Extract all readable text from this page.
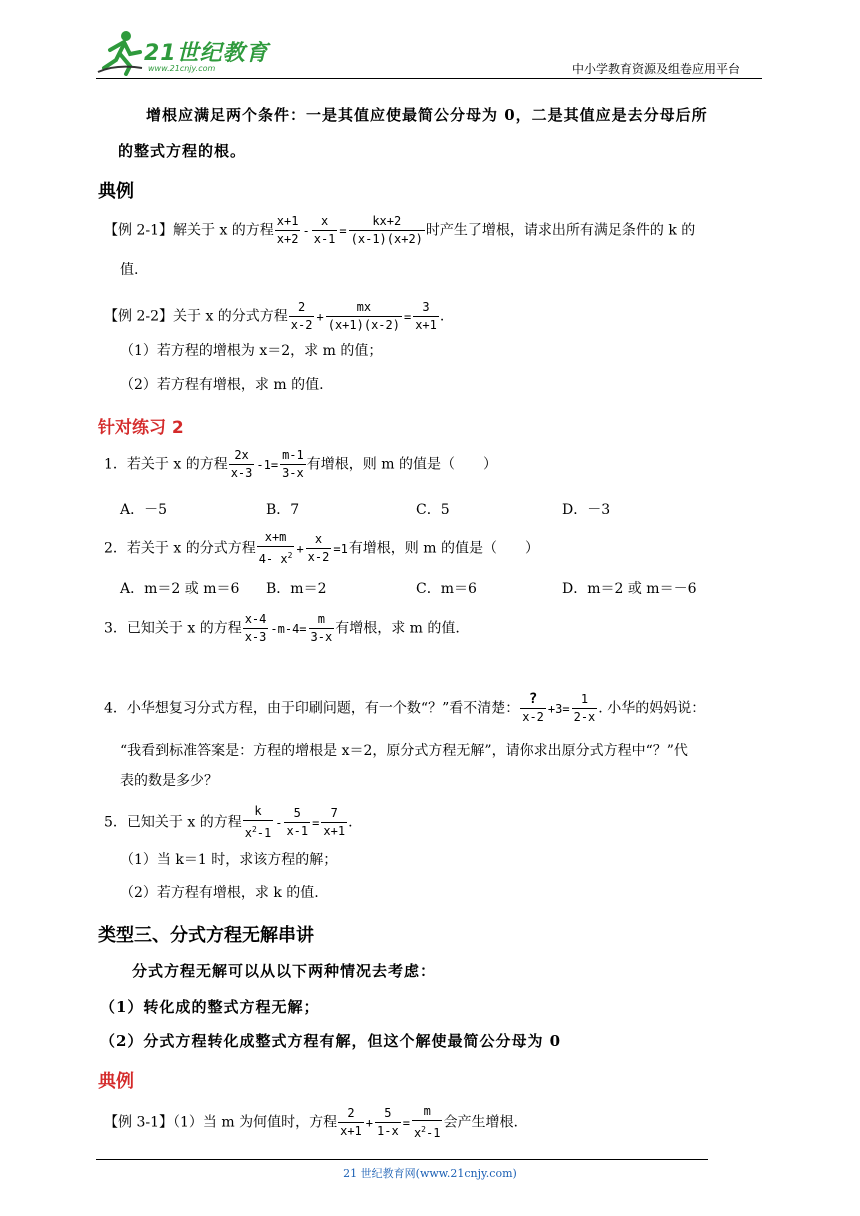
21世纪教育
www.21cnjy.com	中小学教育资源及组卷应用平台
增根应满足两个条件：一是其值应使最简公分母为 0，二是其值应是去分母后所
的整式方程的根。
典例
【例 2-1】解关于 x 的方程 $\frac{x+1}{x+2} - \frac{x}{x-1} = \frac{kx+2}{(x-1)(x+2)}$ 时产生了增根，请求出所有满足条件的 k 的
值.
【例 2-2】关于 x 的分式方程 $\frac{2}{x-2} + \frac{mx}{(x+1)(x-2)} = \frac{3}{x+1}$ .
（1）若方程的增根为 x＝2，求 m 的值；
（2）若方程有增根，求 m 的值.
针对练习 2
1．若关于 x 的方程 $\frac{2x}{x-3} -1= \frac{m-1}{3-x}$ 有增根，则 m 的值是（　　）
A．－5	B．7	C．5	D．－3
2．若关于 x 的分式方程 $\frac{x+m}{4- x^2} + \frac{x}{x-2} =1$有增根，则 m 的值是（　　）
A．m＝2 或 m＝6 B．m＝2	C．m＝6	D．m＝2 或 m＝－6
3．已知关于 x 的方程 $\frac{x-4}{x-3} -m-4= \frac{m}{3-x}$ 有增根，求 m 的值.
4．小华想复习分式方程，由于印刷问题，有一个数“？”看不清楚： $\frac{?}{x-2} +3= \frac{1}{2-x}$ . 小华的妈妈说：
“我看到标准答案是：方程的增根是 x＝2，原分式方程无解”，请你求出原分式方程中“？”代
表的数是多少？
5．已知关于 x 的方程 $\frac{k}{x^2-1} - \frac{5}{x-1} = \frac{7}{x+1}$ .
（1）当 k＝1 时，求该方程的解；
（2）若方程有增根，求 k 的值.
类型三、分式方程无解串讲
分式方程无解可以从以下两种情况去考虑：
（1）转化成的整式方程无解；
（2）分式方程转化成整式方程有解，但这个解使最简公分母为 0
典例
【例 3-1】（1）当 m 为何值时，方程 $\frac{2}{x+1} + \frac{5}{1-x} = \frac{m}{x^2-1}$ 会产生增根.
21 世纪教育网(www.21cnjy.com)
